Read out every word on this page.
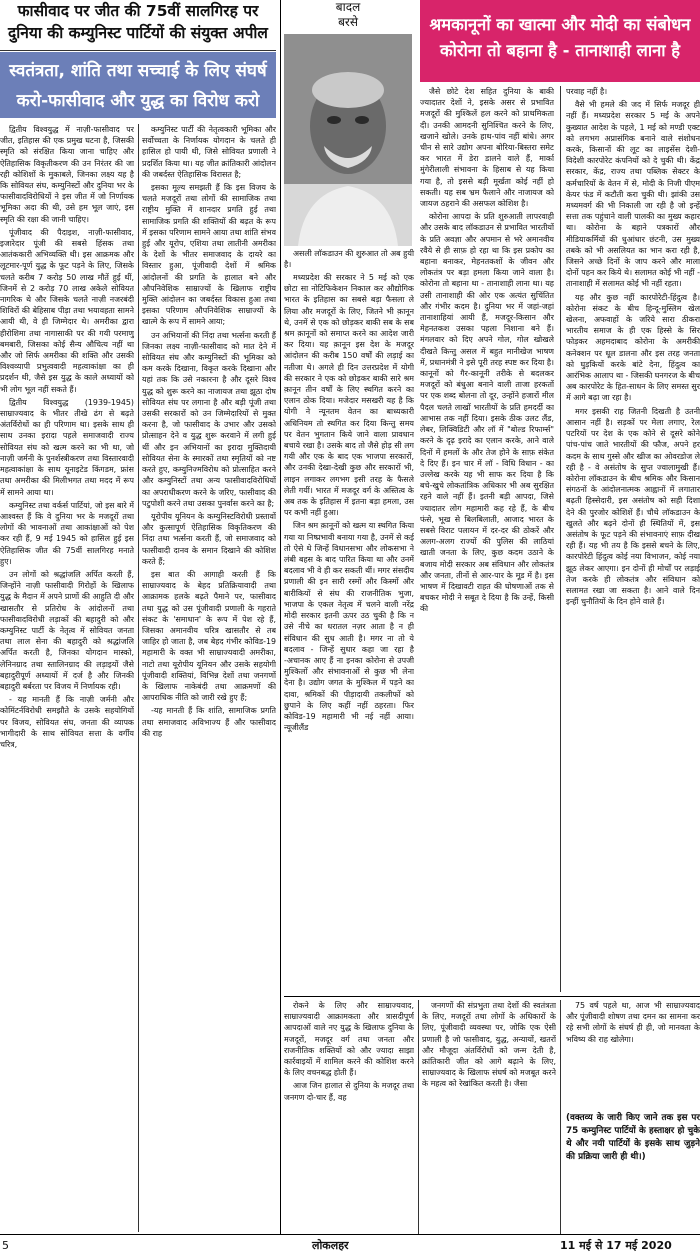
फासीवाद पर जीत की 75वीं सालगिरह पर दुनिया की कम्युनिस्ट पार्टियों की संयुक्त अपील
स्वतंत्रता, शांति तथा सच्चाई के लिए संघर्ष करो-फासीवाद और युद्ध का विरोध करो

द्वितीय विश्वयुद्ध में नाज़ी-फासीवाद पर जीत, इतिहास की एक प्रमुख घटना है, जिसकी स्मृति को संरक्षित किया जाना चाहिए और ऐतिहासिक विकृतीकरण की उन निरंतर की जा रही कोशिशों के मुकाबले, जिनका लक्ष्य यह है कि सोवियत संघ, कम्युनिस्टों और दुनिया भर के फासीवादविरोधियों ने इस जीत में जो निर्णायक भूमिका अदा की थी, उसे हम भूल जाएं, इस स्मृति की रक्षा की जानी चाहिए।

पूंजीवाद की पैदाइश, नाज़ी-फासीवाद, इजारेदार पूंजी की सबसे हिंसक तथा आतंककारी अभिव्यक्ति थी। इस आक्रमक और लूटमार-पूर्ण युद्ध के फूट पड़ने के लिए, जिसके चलते करीब 7 करोड़ 50 लाख मौतें हुई थीं, जिनमें से 2 करोड़ 70 लाख अकेले सोवियत नागरिक थे और जिसके चलते नाज़ी नजरबंदी शिविरों की बेहिसाब पीड़ा तथा भयावहता सामने आयी थी, वे ही जिम्मेदार थे। अमरीका द्वारा हीरोशिमा तथा नागासाकी पर की गयी परमाणु बमबारी, जिसका कोई सैन्य औचित्य नहीं था और जो सिर्फ अमरीका की शक्ति और उसकी विश्वव्यापी प्रभुत्ववादी महत्वाकांक्षा का ही प्रदर्शन थी, जैसे इस युद्ध के काले अध्यायों को भी लोग भूल नहीं सकते हैं।

द्वितीय विश्वयुद्ध (1939-1945) साम्राज्यवाद के भीतर तीखे ढंग से बढ़ते अंतर्विरोधों का ही परिणाम था। इसके साथ ही साथ उनका इरादा पहले समाजवादी राज्य सोवियत संघ को खत्म करने का भी था, जो नाज़ी जर्मनी के पुनर्शस्त्रीकरण तथा विस्तारवादी महत्वाकांक्षा के साथ यूनाइटेड किंगडम, फ्रांस तथा अमरीका की मिलीभगत तथा मदद में रूप में सामने आया था।

कम्युनिस्ट तथा वर्कर्स पार्टियां, जो इस बारे में आश्वस्त हैं कि वे दुनिया भर के मजदूरों तथा लोगों की भावनाओं तथा आकांक्षाओं को पेश कर रही हैं, 9 मई 1945 को हासिल हुई इस ऐतिहासिक जीत की 75वीं सालगिरह मनाते हुए।

उन लोगों को श्रद्धांजलि अर्पित करती हैं, जिन्होंने नाज़ी फासीवादी गिरोहों के खिलाफ युद्ध के मैदान में अपने प्राणों की आहुति दी और खासतौर से प्रतिरोध के आंदोलनों तथा फासीवादविरोधी लड़ाकों की बहादुरी को और कम्युनिस्ट पार्टी के नेतृत्व में सोवियत जनता तथा लाल सेना की बहादुरी को श्रद्धांजलि अर्पित करती है, जिनका योगदान मास्को, लेनिनग्राद तथा स्तालिनग्राद की लड़ाइयों जैसे बहादुरीपूर्ण अध्यायों में दर्ज है और जिनकी बहादुरी बर्बरता पर विजय में निर्णायक रही।

- यह मानती हैं कि नाज़ी जर्मनी और कोमिंटर्नविरोधी समझौते के उसके सहयोगियों पर विजय, सोवियत संघ, जनता की व्यापक भागीदारी के साथ सोवियत सत्ता के वर्गीय चरित्र,

कम्युनिस्ट पार्टी की नेतृत्वकारी भूमिका और सर्वोच्चता के निर्णायक योगदान के चलते ही हासिल हो पायी थी, जिसे सोवियत प्रणाली ने प्रदर्शित किया था। यह जीत क्रांतिकारी आंदोलन की जबर्दस्त ऐतिहासिक विरासत है;

इसका मूल्य समझती हैं कि इस विजय के चलते मजदूरों तथा लोगों की सामाजिक तथा राष्ट्रीय मुक्ति में शानदार प्रगति हुई तथा सामाजिक प्रगति की शक्तियों की बढ़त के रूप में इसका परिणाम सामने आया तथा शांति संभव हुई और यूरोप, एशिया तथा लातीनी अमरीका के देशों के भीतर समाजवाद के दायरे का विस्तार हुआ, पूंजीवादी देशों में श्रमिक आंदोलनों की प्रगति के हालात बने और औपनिवेशिक साम्राज्यों के खिलाफ राष्ट्रीय मुक्ति आंदोलन का जबर्दस्त विकास हुआ तथा इसका परिणाम औपनिवेशिक साम्राज्यों के खात्मे के रूप में सामने आया;

उन अभियानों की निंदा तथा भर्त्सना करती हैं जिनका लक्ष्य नाज़ी-फासीवाद को मात देने में सोवियत संघ और कम्युनिस्टों की भूमिका को कम करके दिखाना, विकृत करके दिखाना और यहां तक कि उसे नकारना है और दूसरे विश्व युद्ध को शुरू करने का नाजायज तथा झूठा दोष सोवियत संघ पर लगाना है और बड़ी पूंजी तथा उसकी सरकारों को उन जिम्मेदारियों से मुक्त करना है, जो फासीवाद के उभार और उसको प्रोत्साहन देने व युद्ध शुरू करवाने में लगी हुई थीं और इन अभियानों का इरादा मुक्तिदायी सोवियत सेना के स्मारकों तथा स्मृतियों को नष्ट करते हुए, कम्युनिज्मविरोध को प्रोत्साहित करने और कम्युनिस्टों तथा अन्य फासीवादविरोधियों का अपराधीकरण करने के जरिए, फासीवाद की पटुपोशी करने तथा उसका पुनर्वास करने का है;

यूरोपीय यूनियन के कम्युनिस्टविरोधी प्रस्तावों और कुत्सापूर्ण ऐतिहासिक विकृतिकरण की निंदा तथा भर्त्सना करती हैं, जो समाजवाद को फासीवादी दानव के समान दिखाने की कोशिश करते हैं;

इस बात की आगाही करती हैं कि साम्राज्यवाद के बेहद प्रतिक्रियावादी तथा आक्रामक हलके बढ़ते पैमाने पर, फासीवाद तथा युद्ध को उस पूंजीवादी प्रणाली के गहराते संकट के 'समाधान' के रूप में पेश रहे हैं, जिसका अमानवीय चरित्र खासतौर से तब जाहिर हो जाता है, जब बेहद गंभीर कोविड-19 महामारी के वक्त भी साम्राज्यवादी अमरीका, नाटो तथा यूरोपीय यूनियन और उसके सहयोगी पूंजीवादी शक्तियां, विभिन्न देशों तथा जनगणों के खिलाफ नाकेबंदी तथा आक्रमणों की आपराधिक नीति को जारी रखे हुए हैं;

-यह मानती हैं कि शांति, सामाजिक प्रगति तथा समाजवाद अविभाज्य हैं और फासीवाद की राह

बादल
बरसे

असली लॉकडाउन की शुरुआत तो अब हुयी है।

मध्यप्रदेश की सरकार ने 5 मई को एक छोटा सा नोटिफिकेशन निकाल कर औद्योगिक भारत के इतिहास का सबसे बड़ा फैसला ले लिया और मजदूरों के लिए, जितने भी क़ानून थे, उनमें से एक को छोड़कर बाकी सब के सब श्रम क़ानूनों को समाप्त करने का आदेश जारी कर दिया। यह क़ानून इस देश के मजदूर आंदोलन की करीब 150 वर्षों की लड़ाई का नतीजा थे। अगले ही दिन उत्तरप्रदेश में योगी की सरकार ने एक को छोड़कर बाकी सारे श्रम क़ानून तीन वर्षों के लिए स्थगित करने का एलान ठोक दिया। मजेदार मसखरी यह है कि योगी ने न्यूनतम वेतन का बाध्यकारी अधिनियम तो स्थगित कर दिया किन्तु समय पर वेतन भुगतान किये जाने वाला प्रावधान बचाये रखा है। उसके बाद तो जैसे होड़ सी लग गयी और एक के बाद एक भाजपा सरकारों, और उनकी देखा-देखी कुछ और सरकारों भी, लाइन लगाकर लगभग इसी तरह के फैसले लेती गयीं। भारत में मजदूर वर्ग के अस्तित्व के अब तक के इतिहास में इतना बड़ा हमला, उस पर कभी नहीं हुआ।

जिन श्रम क़ानूनों को खत्म या स्थगित किया गया या निष्प्रभावी बनाया गया है, उनमें से कई तो ऐसे थे जिन्हें विधानसभा और लोकसभा ने लंबी बहस के बाद पारित किया था और उनमें बदलाव भी वे ही कर सकती थीं। मगर संसदीय प्रणाली की इन सारी रस्मों और किस्मों और बारीकियों से संघ की राजनीतिक भुजा, भाजपा के एकल नेतृत्व में चलने वाली नरेंद्र मोदी सरकार इतनी ऊपर उठ चुकी है कि न उसे नीचे का धरातल नज़र आता है न ही संविधान की सुध आती है। मगर ना तो ये बदलाव - जिन्हें सुधार कहा जा रहा है -अचानक आए हैं ना इनका कोरोना से उपजी मुश्किलों और संभावनाओं से कुछ भी लेना देना है। उद्योग जगत के मुश्किल में पड़ने का दावा, श्रमिकों की पीड़ादायी तकलीफों को छुपाने के लिए कहीं नहीं ठहरता। फिर कोविड-19 महामारी भी नई नहीं आया। न्यूजीलैंड

श्रमकानूनों का खात्मा और मोदी का संबोधन कोरोना तो बहाना है - तानाशाही लाना है

जैसे छोटे देश सहित दुनिया के बाकी ज्यादातर देशों ने, इसके असर से प्रभावित मजदूरों की मुश्किलें हल करने को प्राथमिकता दी। उनकी आमदनी सुनिश्चित करने के लिए, खजाने खोले। उनके हाथ-पांव नहीं बांधे। अगर चीन से सारे उद्योग अपना बोरिया-बिस्तरा समेट कर भारत में डेरा डालने वाले हैं, मार्का मुंगेरीलाली संभावना के हिसाब से यह किया गया है, तो इससे बड़ी मूर्खता कोई नहीं हो सकती। यह सब भ्रम फैलाने और नाजायज को जायज ठहराने की असफल कोशिश है।

कोरोना आपदा के प्रति शुरुआती लापरवाही और उसके बाद लॉकडाउन से प्रभावित भारतीयों के प्रति अवज्ञा और अपमान से भरे अमानवीय रवैये से ही साफ़ हो रहा था कि इस प्रकोप का बहाना बनाकर, मेहनतकशों के जीवन और लोकतंत्र पर बड़ा हमला किया जाने वाला है। कोरोना तो बहाना था - तानाशाही लाना था। यह उसी तानाशाही की ओर एक अत्यंत सुचिंतित और गंभीर कदम है। दुनिया भर में जहां-जहां तानाशाहियां आयी हैं, मजदूर-किसान और मेहनतकश उसका पहला निशाना बने हैं। मंगलवार को दिए अपने गोल, गोल खोखले दीखते किन्तु असल में बहुत मानीखेज भाषण में, प्रधानमंत्री ने इसे पूरी तरह स्पष्ट कर दिया है। कानूनों को गैर-कानूनी तरीके से बदलकर मजदूरों को बंधुआ बनाने वाली ताजा हरकतों पर एक शब्द बोलना तो दूर, उन्होंने हजारों मील पैदल चलते लाखों भारतीयों के प्रति हमदर्दी का आभास तक नहीं दिया। इसके ठीक उलट लैंड, लेबर, लिक्विडिटी और लॉ में "बोल्ड रिफार्म्स" करने के दृढ़ इरादे का एलान करके, आने वाले दिनों में हमलों के और तेज होने के साफ़ संकेत दे दिए हैं। इन चार में लॉ - विधि विधान - का उल्लेख करके यह भी साफ कर दिया है कि बचे-खुचे लोकतांत्रिक अधिकार भी अब सुरक्षित रहने वाले नहीं हैं। इतनी बड़ी आपदा, जिसे ज्यादातर लोग महामारी कह रहे हैं, के बीच फंसे, भूख से बिलबिलाती, आजाद भारत के सबसे विराट पलायन में दर-दर की ठोकरें और अलग-अलग राज्यों की पुलिस की लाठियां खाती जनता के लिए, कुछ कदम उठाने के बजाय मोदी सरकार अब संविधान और लोकतंत्र और जनता, तीनों से आर-पार के मूड में है। इस भाषण में दिखावटी राहत की घोषणाओं तक से बचकर मोदी ने सबूत दे दिया है कि उन्हें, किसी की

परवाह नहीं है।

वैसे भी हमले की जद में सिर्फ मजदूर ही नहीं हैं। मध्यप्रदेश सरकार 5 मई के अपने कुख्यात आदेश के पहले, 1 मई को मण्डी एक्ट को लगभग अप्रासंगिक बनाने वाले संशोधन करके, किसानों की लूट का लाइसेंस देशी-विदेशी कारपोरेट कंपनियों को दे चुकी थी। केंद्र सरकार, केंद्र, राज्य तथा पब्लिक सेक्टर के कर्मचारियों के वेतन में से, मोदी के निजी पीएम केयर फंड में कटौती करा चुकी थी। झांकी उस मध्यमवर्ग की भी निकाली जा रही है जो इन्हें सत्ता तक पहुंचाने वाली पालकी का मुख्य कहार था। कोरोना के बहाने पत्रकारों और मीडियाकर्मियों की धुआंधार छंटनी, उस मुख्य तबके को भी असलियत का भान करा रही है, जिसने अच्छे दिनों के जाप करने और माला दोनों पहन कर किये थे। सलामत कोई भी नहीं - तानाशाही में सलामत कोई भी नहीं रहता।

यह और कुछ नहीं कारपोरेटी-हिंदुत्व है। कोरोना संकट के बीच हिन्दू-मुस्लिम खेल खेलना, अफवाहों के जरिये सारा ठीकरा भारतीय समाज के ही एक हिस्से के सिर फोड़कर अहमदाबाद कोरोना के अमरीकी कनेक्शन पर धूल डालना और इस तरह जनता को घुड़कियों करके बांटे देना, हिंदुत्व का आरंभिक आलाप था - जिसकी घनगरज के बीच अब कारपोरेट के हित-साधन के लिए समस्त सुर में आगे बढ़ा जा रहा है।

मगर इसकी राह जितनी दिखती है उतनी आसान नहीं है। सड़कों पर मेला लगाए, रेल पटरियों पर देश के एक कोने से दूसरे कोने पांच-पांच जाते भारतीयों की फौज, अपने हर कदम के साथ गुस्से और खीज का ओवरडोज ले रही है - वे असंतोष के सुप्त ज्वालामुखी हैं। कोरोना लॉकडाउन के बीच श्रमिक और किसान संगठनों के आंदोलनात्मक आह्वानों में लगातार बढ़ती हिस्सेदारी, इस असंतोष को सही दिशा देने की पुरजोर कोशिशें हैं। चौथे लॉकडाउन के खुलते और बढ़ने दोनों ही स्थितियों में, इस असंतोष के फूट पड़ने की संभावनाएं साफ़ दीख रही हैं। यह भी तय है कि इससे बचने के लिए, कारपोरेटी हिंदुत्व कोई नया विभाजन, कोई नया झूठ लेकर आएगा। इन दोनों ही मोर्चों पर लड़ाई तेज करके ही लोकतंत्र और संविधान को सलामत रखा जा सकता है। आने वाले दिन इन्हीं चुनौतियों के दिन होने वाले हैं।

रोकने के लिए और साम्राज्यवाद, साम्राज्यवादी आक्रामकता और त्रासदीपूर्ण आपदाओं वाले नए युद्ध के खिलाफ दुनिया के मजदूरों, मजदूर वर्ग तथा जनता और राजनीतिक शक्तियों को और ज्यादा साझा कार्रवाइयों में शामिल करने की कोशिश करने के लिए वचनबद्ध होती हैं।

आज जिन हालात से दुनिया के मजदूर तथा जनगण दो-चार हैं, वह

जनगणों की संप्रभुता तथा देशों की स्वतंत्रता के लिए, मजदूरों तथा लोगों के अधिकारों के लिए, पूंजीवादी व्यवस्था पर, जोकि एक ऐसी प्रणाली है जो फासीवाद, युद्ध, अन्यायों, खतरों और मौजूदा अंतर्विरोधों को जन्म देती है, क्रांतिकारी जीत को आगे बढ़ाने के लिए, साम्राज्यवाद के खिलाफ संघर्ष को मजबूत करने के महत्व को रेखांकित करती है। जैसा

75 वर्ष पहले था, आज भी साम्राज्यवाद और पूंजीवादी शोषण तथा दमन का सामना कर रहे सभी लोगों के संघर्ष ही ही, जो मानवता के भविष्य की राह खोलेगा।

(वक्तव्य के जारी किए जाने तक इस पर 75 कम्युनिस्ट पार्टियों के हस्ताक्षर हो चुके थे और नयी पार्टियों के इसके साथ जुड़ने की प्रक्रिया जारी ही थी।)
5	लोकलहर	11 मई से 17 मई 2020
